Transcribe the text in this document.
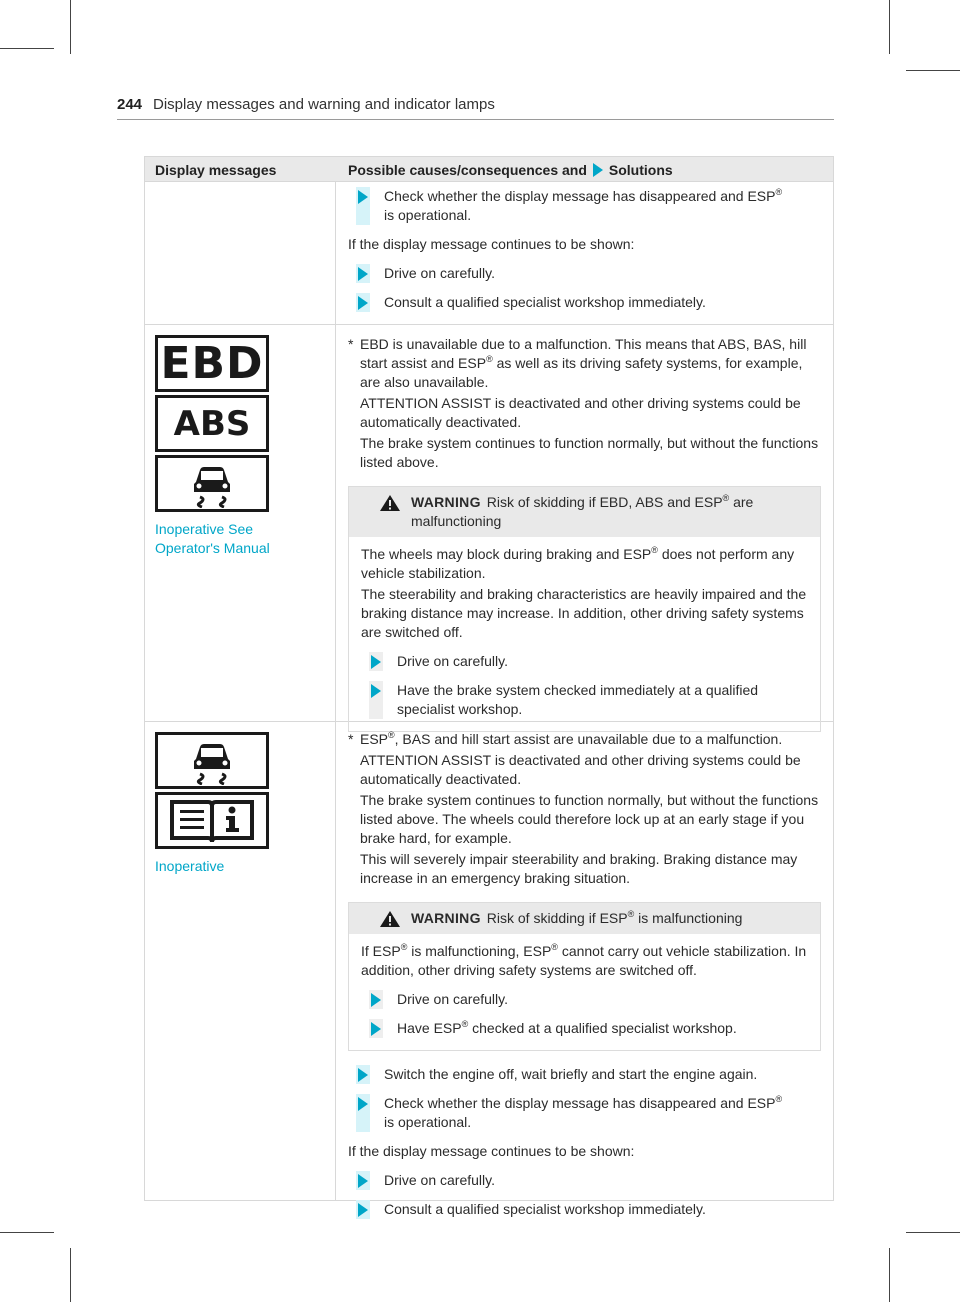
244 Display messages and warning and indicator lamps
Display messages	Possible causes/consequences and Solutions
Check whether the display message has disappeared and ESP®
is operational.
If the display message continues to be shown:
Drive on carefully.
Consult a qualified specialist workshop immediately.
EBD
ABS
Inoperative See Operator's Manual
* EBD is unavailable due to a malfunction. This means that ABS, BAS, hill start assist and ESP® as well as its driving safety systems, for example, are also unavailable.
ATTENTION ASSIST is deactivated and other driving systems could be automatically deactivated.
The brake system continues to function normally, but without the functions listed above.
WARNING Risk of skidding if EBD, ABS and ESP® are malfunctioning
The wheels may block during braking and ESP® does not perform any vehicle stabilization.
The steerability and braking characteristics are heavily impaired and the braking distance may increase. In addition, other driving safety systems are switched off.
Drive on carefully.
Have the brake system checked immediately at a qualified specialist workshop.
Inoperative
* ESP®, BAS and hill start assist are unavailable due to a malfunction.
ATTENTION ASSIST is deactivated and other driving systems could be automatically deactivated.
The brake system continues to function normally, but without the functions listed above. The wheels could therefore lock up at an early stage if you brake hard, for example.
This will severely impair steerability and braking. Braking distance may increase in an emergency braking situation.
WARNING Risk of skidding if ESP® is malfunctioning
If ESP® is malfunctioning, ESP® cannot carry out vehicle stabilization. In addition, other driving safety systems are switched off.
Drive on carefully.
Have ESP® checked at a qualified specialist workshop.
Switch the engine off, wait briefly and start the engine again.
Check whether the display message has disappeared and ESP®
is operational.
If the display message continues to be shown:
Drive on carefully.
Consult a qualified specialist workshop immediately.
